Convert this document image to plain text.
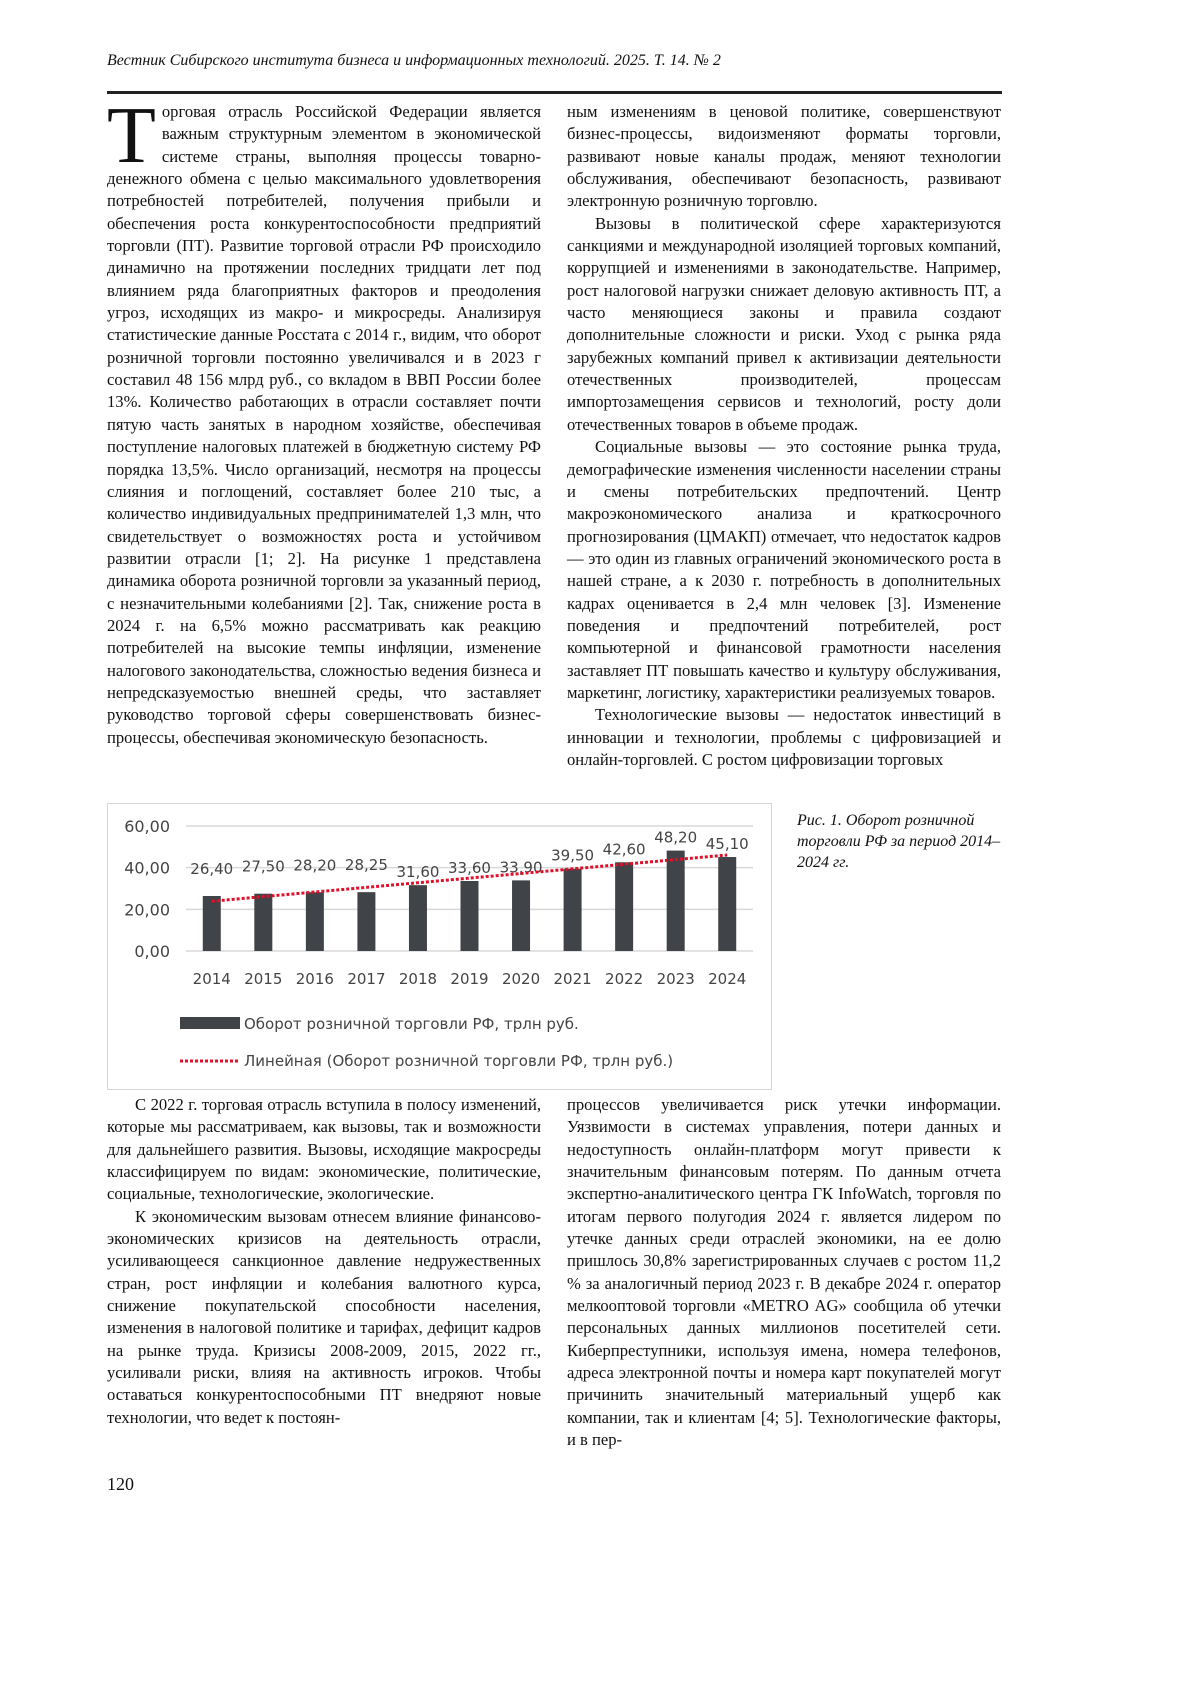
Вестник Сибирского института бизнеса и информационных технологий. 2025. Т. 14. № 2

Т орговая отрасль Российской Федерации является важным структурным элементом в экономической системе страны, выполняя процессы товарно-денежного обмена с целью максимального удовлетворения потребностей потребителей, получения прибыли и обеспечения роста конкурентоспособности предприятий торговли (ПТ). Развитие торговой отрасли РФ происходило динамично на протяжении последних тридцати лет под влиянием ряда благоприятных факторов и преодоления угроз, исходящих из макро- и микросреды. Анализируя статистические данные Росстата с 2014 г., видим, что оборот розничной торговли постоянно увеличивался и в 2023 г составил 48 156 млрд руб., со вкладом в ВВП России более 13%. Количество работающих в отрасли составляет почти пятую часть занятых в народном хозяйстве, обеспечивая поступление налоговых платежей в бюджетную систему РФ порядка 13,5%. Число организаций, несмотря на процессы слияния и поглощений, составляет более 210 тыс, а количество индивидуальных предпринимателей 1,3 млн, что свидетельствует о возможностях роста и устойчивом развитии отрасли [1; 2]. На рисунке 1 представлена динамика оборота розничной торговли за указанный период, с незначительными колебаниями [2]. Так, снижение роста в 2024 г. на 6,5% можно рассматривать как реакцию потребителей на высокие темпы инфляции, изменение налогового законодательства, сложностью ведения бизнеса и непредсказуемостью внешней среды, что заставляет руководство торговой сферы совершенствовать бизнес-процессы, обеспечивая экономическую безопасность.

ным изменениям в ценовой политике, совершенствуют бизнес-процессы, видоизменяют форматы торговли, развивают новые каналы продаж, меняют технологии обслуживания, обеспечивают безопасность, развивают электронную розничную торговлю.

Вызовы в политической сфере характеризуются санкциями и международной изоляцией торговых компаний, коррупцией и изменениями в законодательстве. Например, рост налоговой нагрузки снижает деловую активность ПТ, а часто меняющиеся законы и правила создают дополнительные сложности и риски. Уход с рынка ряда зарубежных компаний привел к активизации деятельности отечественных производителей, процессам импортозамещения сервисов и технологий, росту доли отечественных товаров в объеме продаж.

Социальные вызовы — это состояние рынка труда, демографические изменения численности населении страны и смены потребительских предпочтений. Центр макроэкономического анализа и краткосрочного прогнозирования (ЦМАКП) отмечает, что недостаток кадров — это один из главных ограничений экономического роста в нашей стране, а к 2030 г. потребность в дополнительных кадрах оценивается в 2,4 млн человек [3]. Изменение поведения и предпочтений потребителей, рост компьютерной и финансовой грамотности населения заставляет ПТ повышать качество и культуру обслуживания, маркетинг, логистику, характеристики реализуемых товаров.

Технологические вызовы — недостаток инвестиций в инновации и технологии, проблемы с цифровизацией и онлайн-торговлей. С ростом цифровизации торговых

0,00
20,00
40,00
60,00
26,40
2014
27,50
2015
28,20
2016
28,25
2017
31,60
2018
33,60
2019
33,90
2020
39,50
2021
42,60
2022
48,20
2023
45,10
2024
Оборот розничной торговли РФ, трлн руб.
Линейная (Оборот розничной торговли РФ, трлн руб.)
Рис. 1. Оборот розничной торговли РФ за период 2014–2024 гг.

С 2022 г. торговая отрасль вступила в полосу изменений, которые мы рассматриваем, как вызовы, так и возможности для дальнейшего развития. Вызовы, исходящие макросреды классифицируем по видам: экономические, политические, социальные, технологические, экологические.

К экономическим вызовам отнесем влияние финансово-экономических кризисов на деятельность отрасли, усиливающееся санкционное давление недружественных стран, рост инфляции и колебания валютного курса, снижение покупательской способности населения, изменения в налоговой политике и тарифах, дефицит кадров на рынке труда. Кризисы 2008-2009, 2015, 2022 гг., усиливали риски, влияя на активность игроков. Чтобы оставаться конкурентоспособными ПТ внедряют новые технологии, что ведет к постоян-

процессов увеличивается риск утечки информации. Уязвимости в системах управления, потери данных и недоступность онлайн-платформ могут привести к значительным финансовым потерям. По данным отчета экспертно-аналитического центра ГК InfoWatch, торговля по итогам первого полугодия 2024 г. является лидером по утечке данных среди отраслей экономики, на ее долю пришлось 30,8% зарегистрированных случаев с ростом 11,2 % за аналогичный период 2023 г. В декабре 2024 г. оператор мелкооптовой торговли «METRO AG» сообщила об утечки персональных данных миллионов посетителей сети. Киберпреступники, используя имена, номера телефонов, адреса электронной почты и номера карт покупателей могут причинить значительный материальный ущерб как компании, так и клиентам [4; 5]. Технологические факторы, и в пер-

120
